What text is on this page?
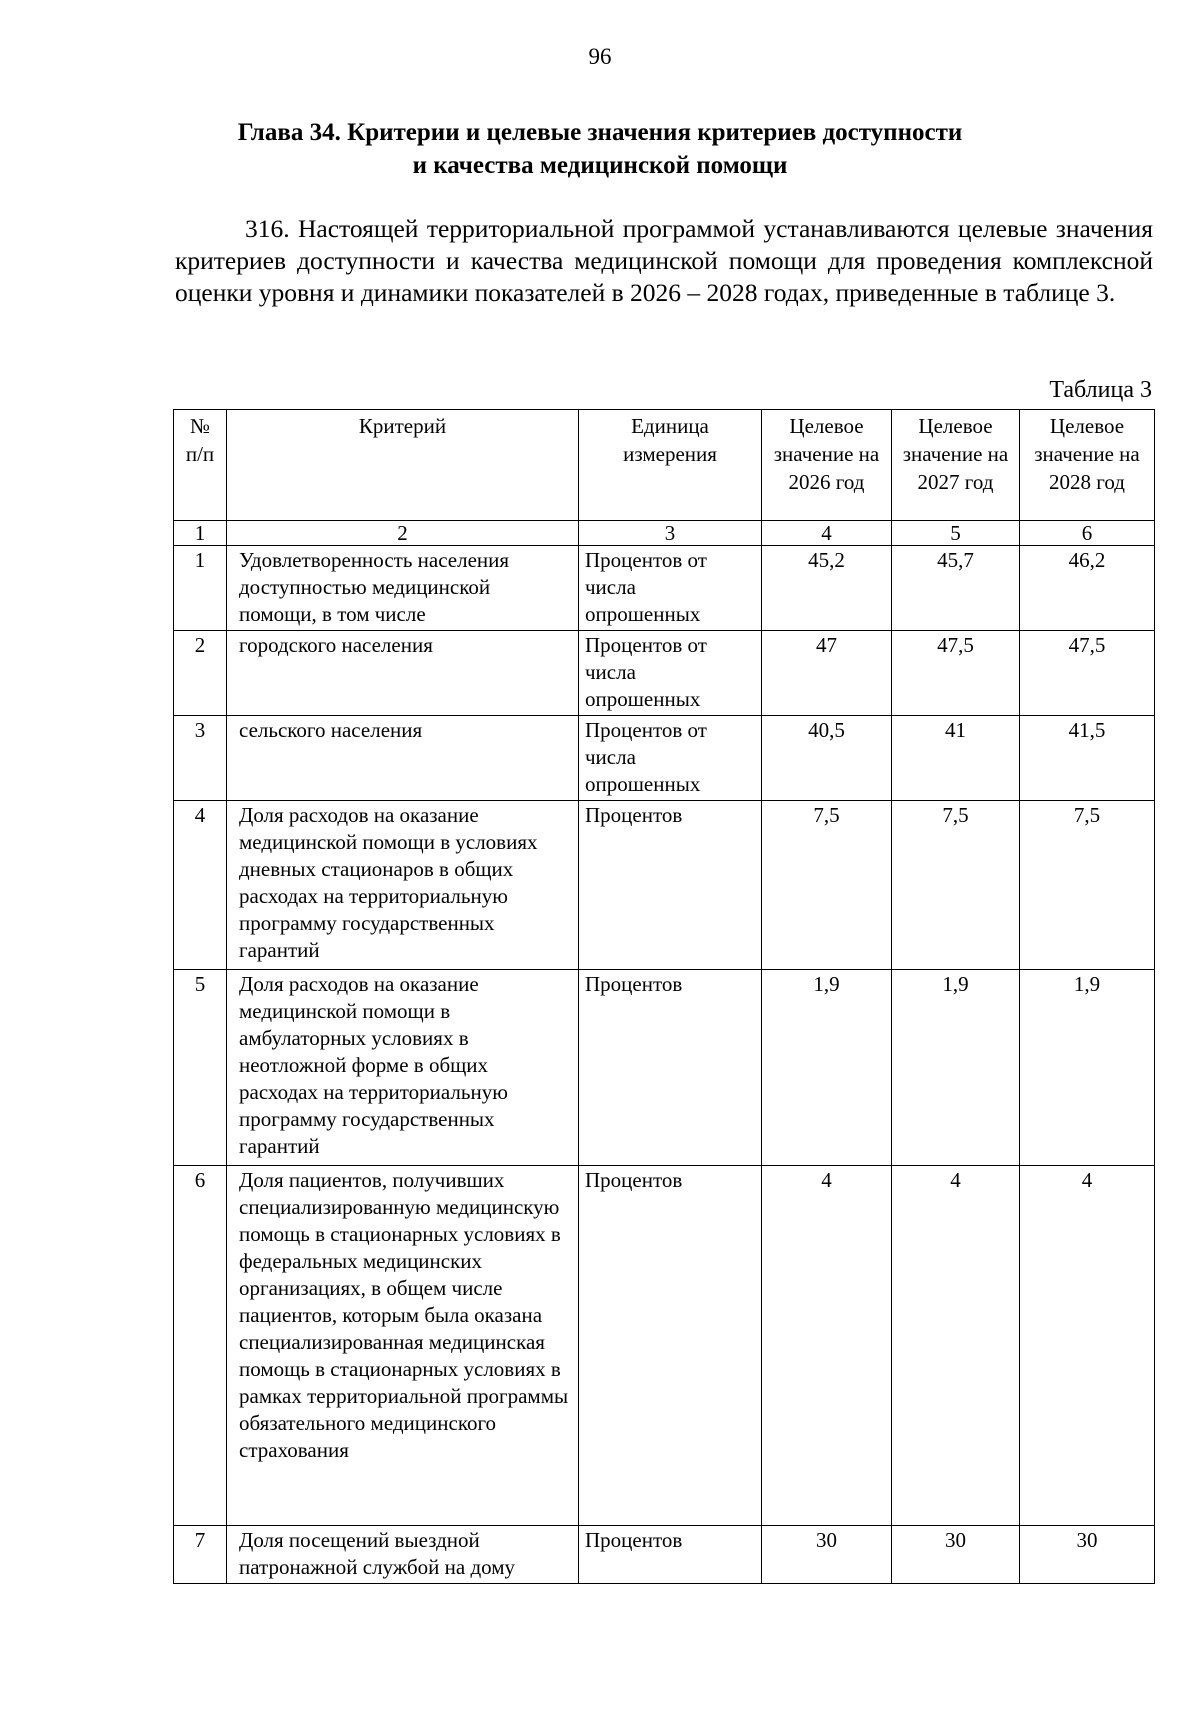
96
Глава 34. Критерии и целевые значения критериев доступности
и качества медицинской помощи
316. Настоящей территориальной программой устанавливаются целевые значения критериев доступности и качества медицинской помощи для проведения комплексной оценки уровня и динамики показателей в 2026 – 2028 годах, приведенные в таблице 3.
Таблица 3
№ п/п	Критерий	Единица измерения	Целевое значение на 2026 год	Целевое значение на 2027 год	Целевое значение на 2028 год
1	2	3	4	5	6
1	Удовлетворенность населения доступностью медицинской помощи, в том числе	Процентов от числа опрошенных	45,2	45,7	46,2
2	городского населения	Процентов от числа опрошенных	47	47,5	47,5
3	сельского населения	Процентов от числа опрошенных	40,5	41	41,5
4	Доля расходов на оказание медицинской помощи в условиях дневных стационаров в общих расходах на территориальную программу государственных гарантий	Процентов	7,5	7,5	7,5
5	Доля расходов на оказание медицинской помощи в амбулаторных условиях в неотложной форме в общих расходах на территориальную программу государственных гарантий	Процентов	1,9	1,9	1,9
6	Доля пациентов, получивших специализированную медицинскую помощь в стационарных условиях в федеральных медицинских организациях, в общем числе пациентов, которым была оказана специализированная медицинская помощь в стационарных условиях в рамках территориальной программы обязательного медицинского страхования	Процентов	4	4	4
7	Доля посещений выездной патронажной службой на дому	Процентов	30	30	30
